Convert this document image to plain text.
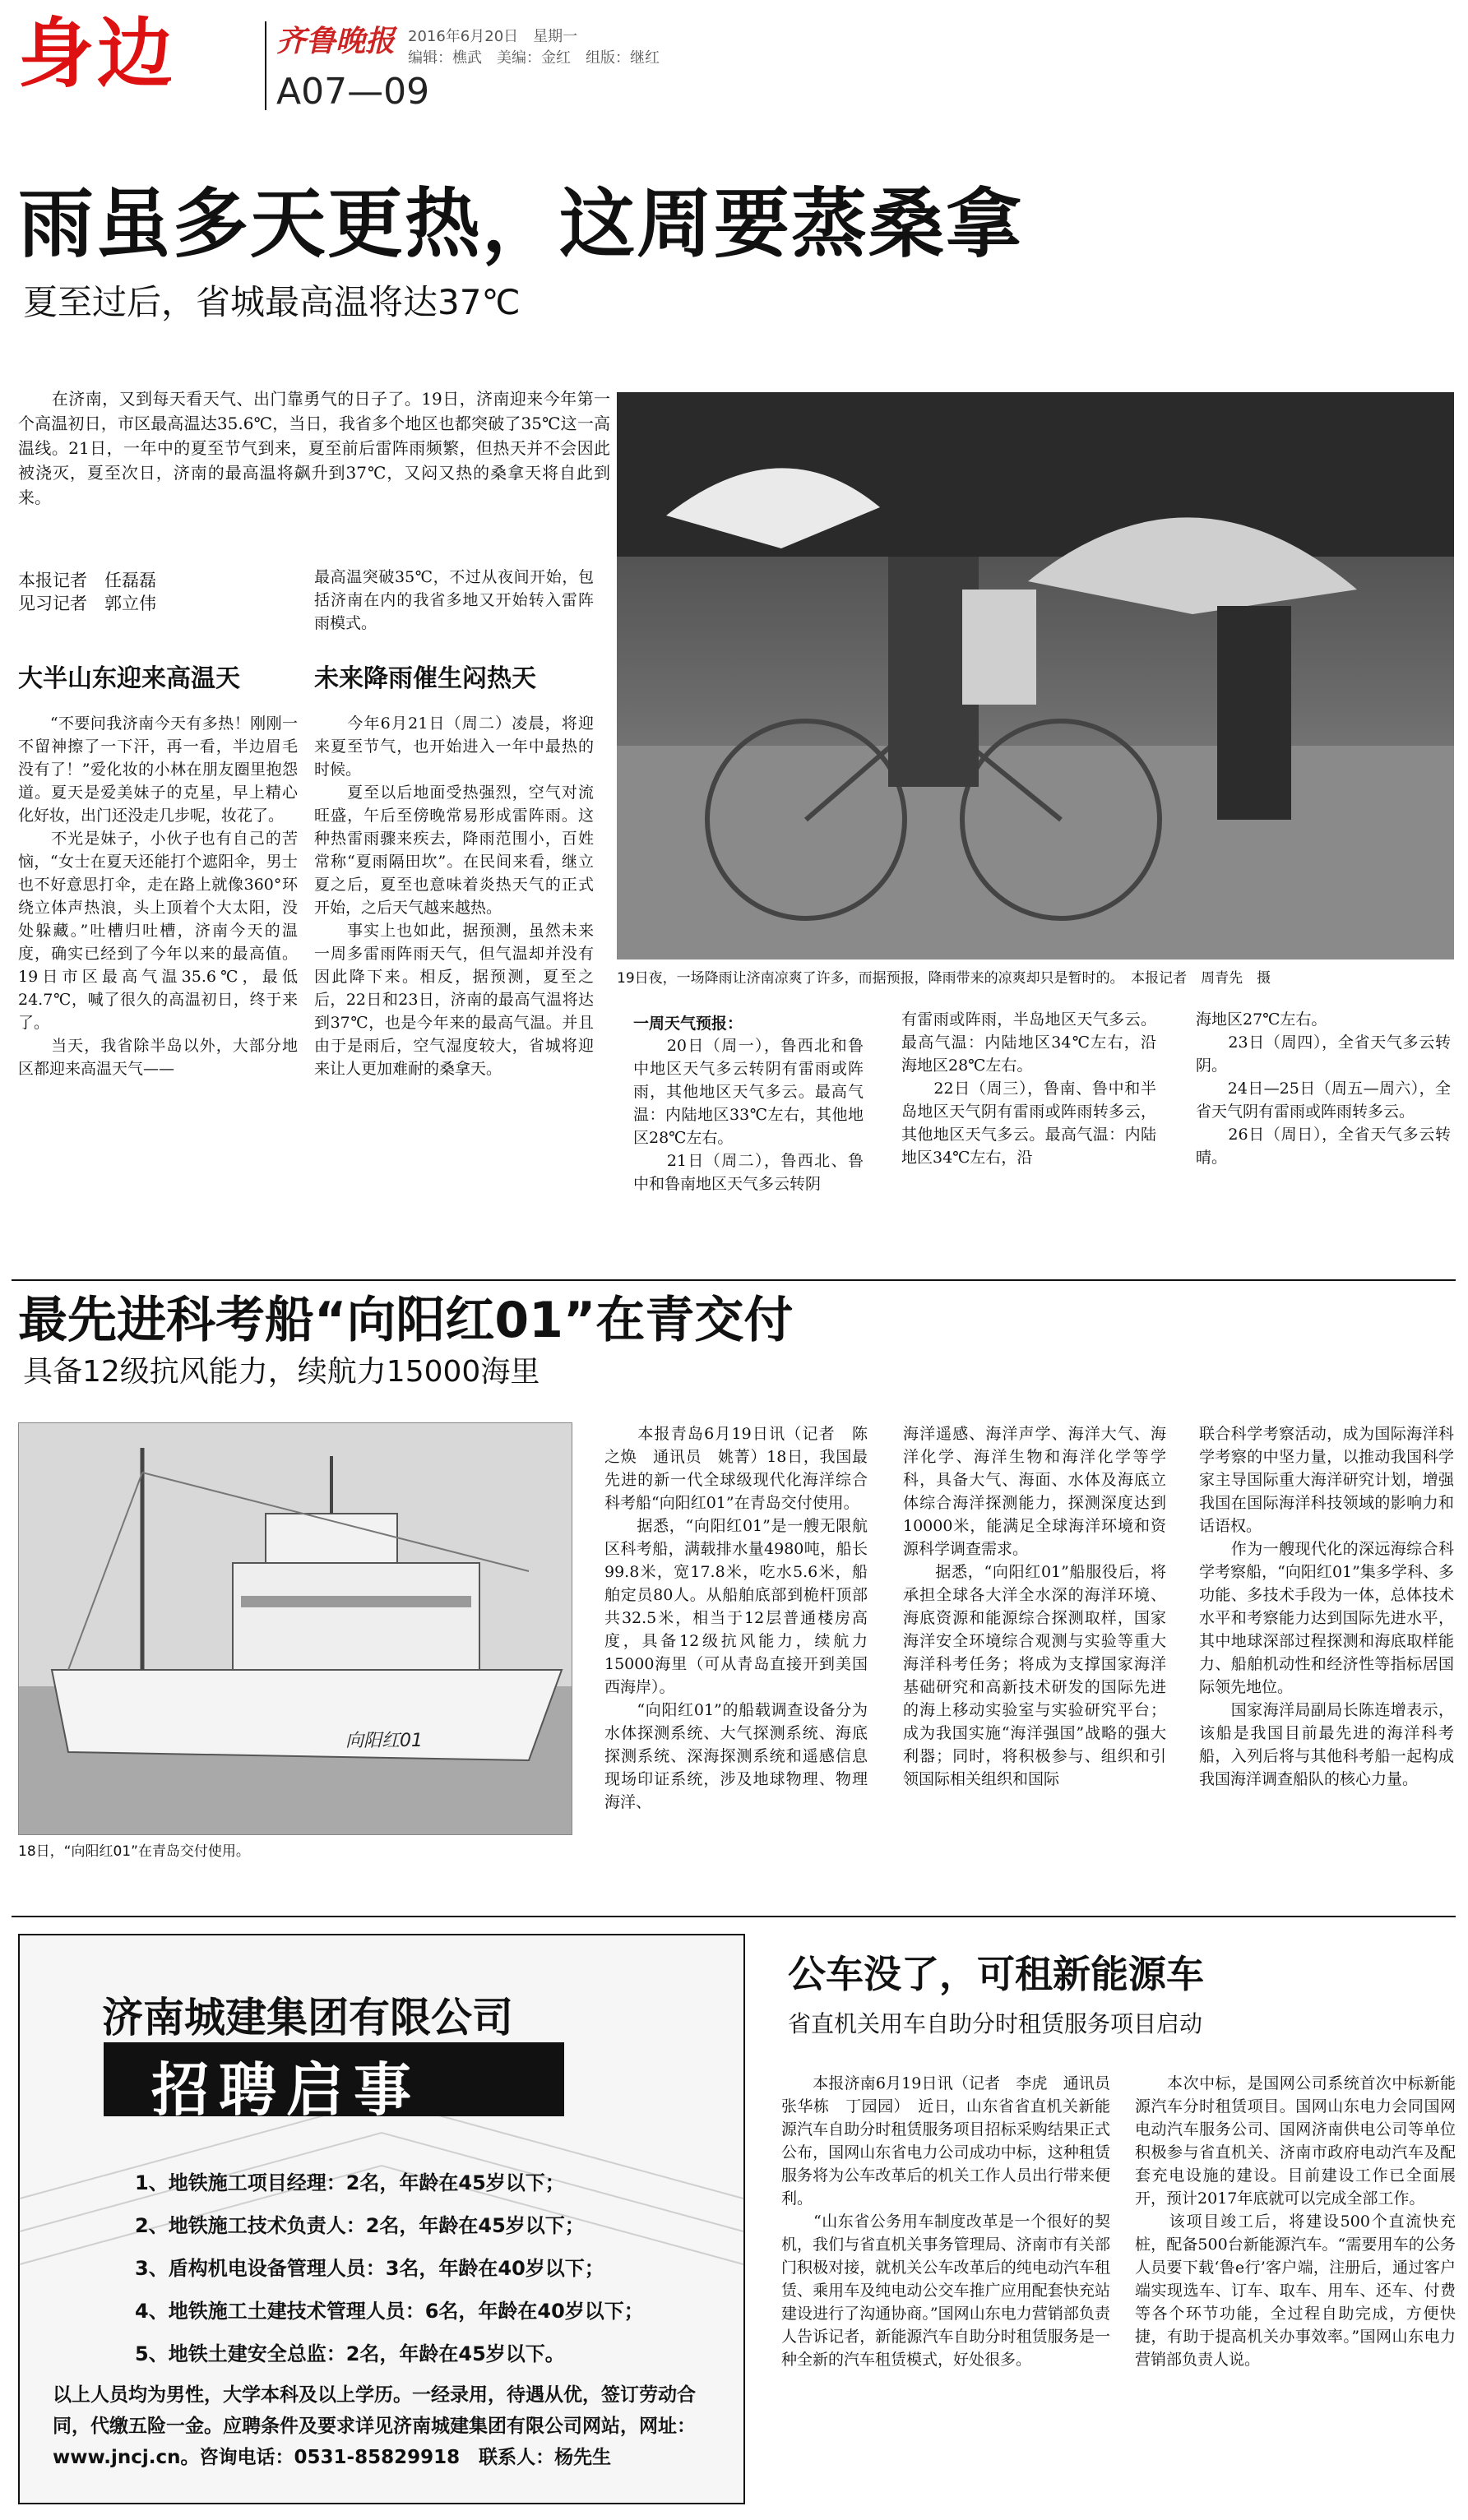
身边	齐鲁晚报 2016年6月20日　星期一
编辑：樵武　美编：金红　组版：继红
A07—09
雨虽多天更热，这周要蒸桑拿
夏至过后，省城最高温将达37℃
　　在济南，又到每天看天气、出门靠勇气的日子了。19日，济南迎来今年第一个高温初日，市区最高温达35.6℃，当日，我省多个地区也都突破了35℃这一高温线。21日，一年中的夏至节气到来，夏至前后雷阵雨频繁，但热天并不会因此被浇灭，夏至次日，济南的最高温将飙升到37℃，又闷又热的桑拿天将自此到来。
本报记者　任磊磊
见习记者　郭立伟
最高温突破35℃，不过从夜间开始，包括济南在内的我省多地又开始转入雷阵雨模式。
大半山东迎来高温天	未来降雨催生闷热天
　　“不要问我济南今天有多热！刚刚一不留神擦了一下汗，再一看，半边眉毛没有了！”爱化妆的小林在朋友圈里抱怨道。夏天是爱美妹子的克星，早上精心化好妆，出门还没走几步呢，妆花了。
　　不光是妹子，小伙子也有自己的苦恼，“女士在夏天还能打个遮阳伞，男士也不好意思打伞，走在路上就像360°环绕立体声热浪，头上顶着个大太阳，没处躲藏。”吐槽归吐槽，济南今天的温度，确实已经到了今年以来的最高值。19日市区最高气温35.6℃，最低24.7℃，喊了很久的高温初日，终于来了。
　　当天，我省除半岛以外，大部分地区都迎来高温天气——
　　今年6月21日（周二）凌晨，将迎来夏至节气，也开始进入一年中最热的时候。
　　夏至以后地面受热强烈，空气对流旺盛，午后至傍晚常易形成雷阵雨。这种热雷雨骤来疾去，降雨范围小，百姓常称“夏雨隔田坎”。在民间来看，继立夏之后，夏至也意味着炎热天气的正式开始，之后天气越来越热。
　　事实上也如此，据预测，虽然未来一周多雷雨阵雨天气，但气温却并没有因此降下来。相反，据预测，夏至之后，22日和23日，济南的最高气温将达到37℃，也是今年来的最高气温。并且由于是雨后，空气湿度较大，省城将迎来让人更加难耐的桑拿天。
19日夜，一场降雨让济南凉爽了许多，而据预报，降雨带来的凉爽却只是暂时的。　本报记者　周青先　摄
一周天气预报：
　　20日（周一），鲁西北和鲁中地区天气多云转阴有雷雨或阵雨，其他地区天气多云。最高气温：内陆地区33℃左右，其他地区28℃左右。
　　21日（周二），鲁西北、鲁中和鲁南地区天气多云转阴
有雷雨或阵雨，半岛地区天气多云。最高气温：内陆地区34℃左右，沿海地区28℃左右。
　　22日（周三），鲁南、鲁中和半岛地区天气阴有雷雨或阵雨转多云，其他地区天气多云。最高气温：内陆地区34℃左右，沿
海地区27℃左右。
　　23日（周四），全省天气多云转阴。
　　24日—25日（周五—周六），全省天气阴有雷雨或阵雨转多云。
　　26日（周日），全省天气多云转晴。
最先进科考船“向阳红01”在青交付
具备12级抗风能力，续航力15000海里
向阳红01
18日，“向阳红01”在青岛交付使用。
　　本报青岛6月19日讯（记者　陈之焕　通讯员　姚菁）18日，我国最先进的新一代全球级现代化海洋综合科考船“向阳红01”在青岛交付使用。
　　据悉，“向阳红01”是一艘无限航区科考船，满载排水量4980吨，船长99.8米，宽17.8米，吃水5.6米，船舶定员80人。从船舶底部到桅杆顶部共32.5米，相当于12层普通楼房高度，具备12级抗风能力，续航力15000海里（可从青岛直接开到美国西海岸）。
　　“向阳红01”的船载调查设备分为水体探测系统、大气探测系统、海底探测系统、深海探测系统和遥感信息现场印证系统，涉及地球物理、物理海洋、
海洋遥感、海洋声学、海洋大气、海洋化学、海洋生物和海洋化学等学科，具备大气、海面、水体及海底立体综合海洋探测能力，探测深度达到10000米，能满足全球海洋环境和资源科学调查需求。
　　据悉，“向阳红01”船服役后，将承担全球各大洋全水深的海洋环境、海底资源和能源综合探测取样，国家海洋安全环境综合观测与实验等重大海洋科考任务；将成为支撑国家海洋基础研究和高新技术研发的国际先进的海上移动实验室与实验研究平台；成为我国实施“海洋强国”战略的强大利器；同时，将积极参与、组织和引领国际相关组织和国际
联合科学考察活动，成为国际海洋科学考察的中坚力量，以推动我国科学家主导国际重大海洋研究计划，增强我国在国际海洋科技领域的影响力和话语权。
　　作为一艘现代化的深远海综合科学考察船，“向阳红01”集多学科、多功能、多技术手段为一体，总体技术水平和考察能力达到国际先进水平，其中地球深部过程探测和海底取样能力、船舶机动性和经济性等指标居国际领先地位。
　　国家海洋局副局长陈连增表示，该船是我国目前最先进的海洋科考船，入列后将与其他科考船一起构成我国海洋调查船队的核心力量。
济南城建集团有限公司
招聘启事
1、地铁施工项目经理：2名，年龄在45岁以下；
2、地铁施工技术负责人：2名，年龄在45岁以下；
3、盾构机电设备管理人员：3名，年龄在40岁以下；
4、地铁施工土建技术管理人员：6名，年龄在40岁以下；
5、地铁土建安全总监：2名，年龄在45岁以下。
以上人员均为男性，大学本科及以上学历。一经录用，待遇从优，签订劳动合同，代缴五险一金。应聘条件及要求详见济南城建集团有限公司网站，网址：www.jncj.cn。咨询电话：0531-85829918　联系人：杨先生
公车没了，可租新能源车
省直机关用车自助分时租赁服务项目启动
　　本报济南6月19日讯（记者　李虎　通讯员　张华栋　丁园园）　近日，山东省省直机关新能源汽车自助分时租赁服务项目招标采购结果正式公布，国网山东省电力公司成功中标，这种租赁服务将为公车改革后的机关工作人员出行带来便利。
　　“山东省公务用车制度改革是一个很好的契机，我们与省直机关事务管理局、济南市有关部门积极对接，就机关公车改革后的纯电动汽车租赁、乘用车及纯电动公交车推广应用配套快充站建设进行了沟通协商。”国网山东电力营销部负责人告诉记者，新能源汽车自助分时租赁服务是一种全新的汽车租赁模式，好处很多。
　　本次中标，是国网公司系统首次中标新能源汽车分时租赁项目。国网山东电力会同国网电动汽车服务公司、国网济南供电公司等单位积极参与省直机关、济南市政府电动汽车及配套充电设施的建设。目前建设工作已全面展开，预计2017年底就可以完成全部工作。
　　该项目竣工后，将建设500个直流快充桩，配备500台新能源汽车。“需要用车的公务人员要下载‘鲁e行’客户端，注册后，通过客户端实现选车、订车、取车、用车、还车、付费等各个环节功能，全过程自助完成，方便快捷，有助于提高机关办事效率。”国网山东电力营销部负责人说。
